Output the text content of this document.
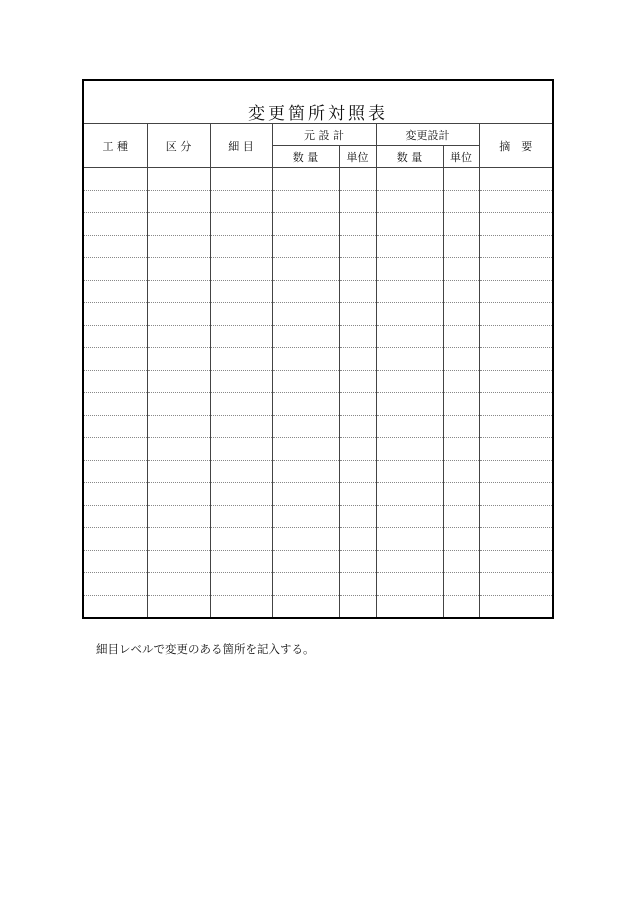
変更箇所対照表
工 種	区 分	細 目	元 設 計		変更設計		摘　要
			数 量	単位	数 量	単位	

細目レベルで変更のある箇所を記入する。
